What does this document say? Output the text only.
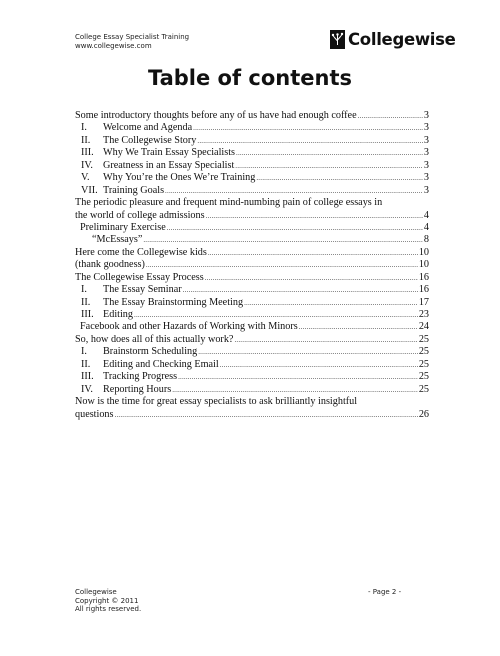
College Essay Specialist Training
www.collegewise.com	Collegewise
Table of contents
Some introductory thoughts before any of us have had enough coffee .....	3
I. Welcome and Agenda .....	3
II. The Collegewise Story .....	3
III. Why We Train Essay Specialists .....	3
IV. Greatness in an Essay Specialist .....	3
V. Why You’re the Ones We’re Training .....	3
VII. Training Goals .....	3
The periodic pleasure and frequent mind-numbing pain of college essays in
the world of college admissions .....	4
Preliminary Exercise .....	4
“McEssays” .....	8
Here come the Collegewise kids .....	10
(thank goodness) .....	10
The Collegewise Essay Process .....	16
I. The Essay Seminar .....	16
II. The Essay Brainstorming Meeting .....	17
III. Editing .....	23
Facebook and other Hazards of Working with Minors .....	24
So, how does all of this actually work? .....	25
I. Brainstorm Scheduling .....	25
II. Editing and Checking Email .....	25
III. Tracking Progress .....	25
IV. Reporting Hours .....	25
Now is the time for great essay specialists to ask brilliantly insightful
questions .....	26
Collegewise
Copyright © 2011
All rights reserved.
- Page 2 -
